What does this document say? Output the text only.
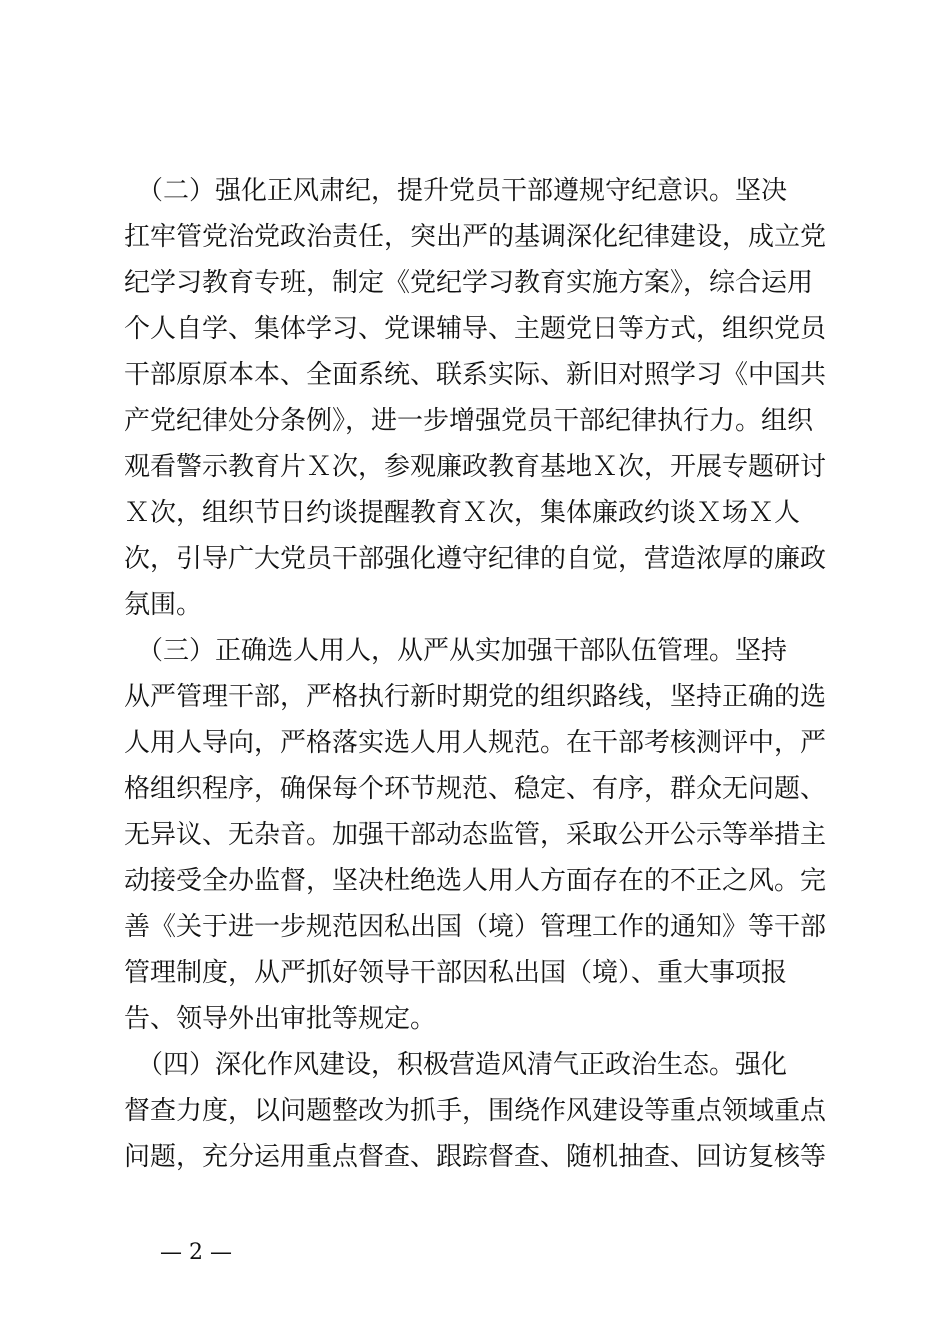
　（二）强化正风肃纪，提升党员干部遵规守纪意识。坚决
扛牢管党治党政治责任，突出严的基调深化纪律建设，成立党
纪学习教育专班，制定《党纪学习教育实施方案》，综合运用
个人自学、集体学习、党课辅导、主题党日等方式，组织党员
干部原原本本、全面系统、联系实际、新旧对照学习《中国共
产党纪律处分条例》，进一步增强党员干部纪律执行力。组织
观看警示教育片Ｘ次，参观廉政教育基地Ｘ次，开展专题研讨
Ｘ次，组织节日约谈提醒教育Ｘ次，集体廉政约谈Ｘ场Ｘ人
次，引导广大党员干部强化遵守纪律的自觉，营造浓厚的廉政
氛围。
　（三）正确选人用人，从严从实加强干部队伍管理。坚持
从严管理干部，严格执行新时期党的组织路线，坚持正确的选
人用人导向，严格落实选人用人规范。在干部考核测评中，严
格组织程序，确保每个环节规范、稳定、有序，群众无问题、
无异议、无杂音。加强干部动态监管，采取公开公示等举措主
动接受全办监督，坚决杜绝选人用人方面存在的不正之风。完
善《关于进一步规范因私出国（境）管理工作的通知》等干部
管理制度，从严抓好领导干部因私出国（境）、重大事项报
告、领导外出审批等规定。
　（四）深化作风建设，积极营造风清气正政治生态。强化
督查力度，以问题整改为抓手，围绕作风建设等重点领域重点
问题，充分运用重点督查、跟踪督查、随机抽查、回访复核等
— 2 —
